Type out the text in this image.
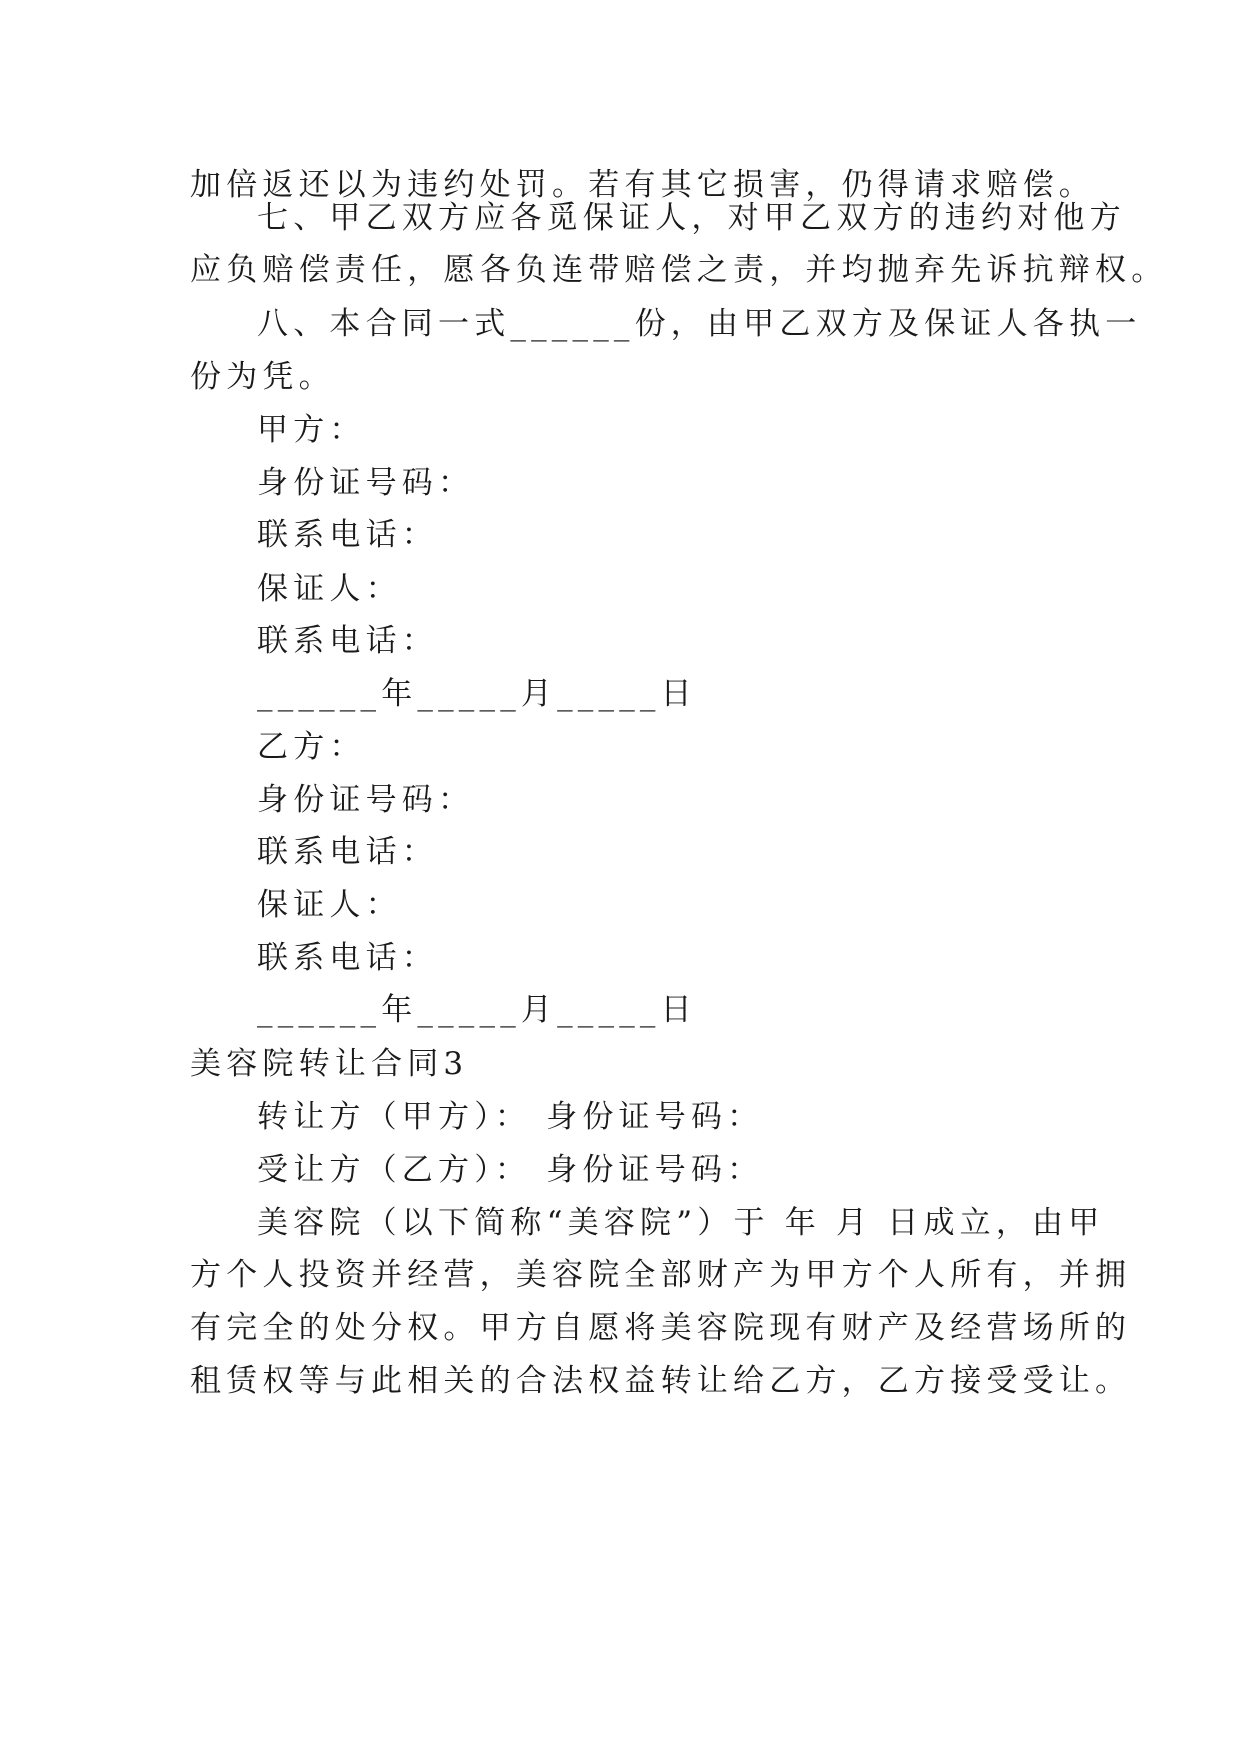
加倍返还以为违约处罚。若有其它损害，仍得请求赔偿。
七、甲乙双方应各觅保证人，对甲乙双方的违约对他方
应负赔偿责任，愿各负连带赔偿之责，并均抛弃先诉抗辩权。
八、本合同一式______份，由甲乙双方及保证人各执一
份为凭。
甲方：
身份证号码：
联系电话：
保证人：
联系电话：
______年_____月_____日
乙方：
身份证号码：
联系电话：
保证人：
联系电话：
______年_____月_____日
美容院转让合同3
转让方（甲方）： 身份证号码：
受让方（乙方）： 身份证号码：
美容院（以下简称“美容院”）于 年 月 日成立，由甲
方个人投资并经营，美容院全部财产为甲方个人所有，并拥
有完全的处分权。甲方自愿将美容院现有财产及经营场所的
租赁权等与此相关的合法权益转让给乙方，乙方接受受让。
